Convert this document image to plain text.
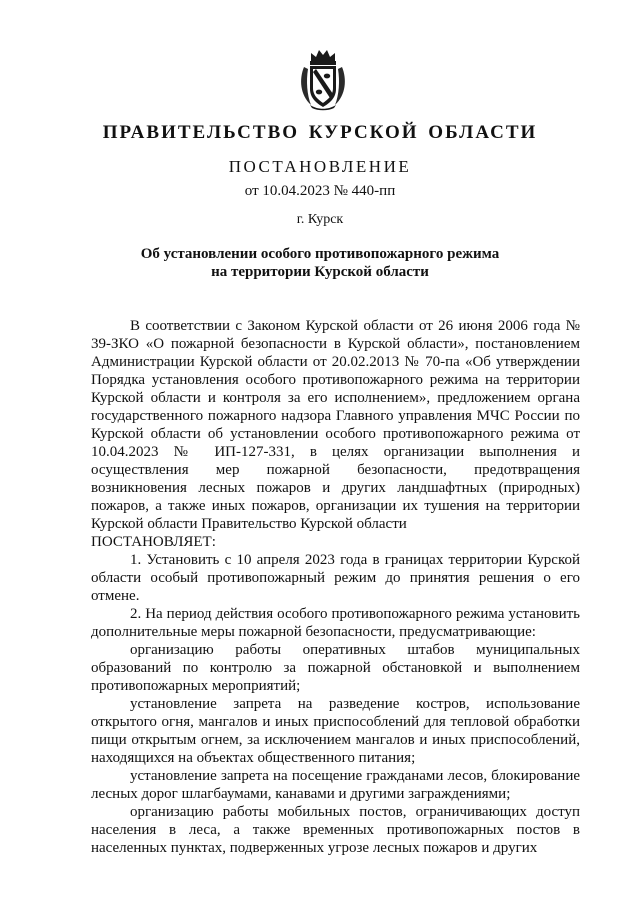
ПРАВИТЕЛЬСТВО КУРСКОЙ ОБЛАСТИ
ПОСТАНОВЛЕНИЕ
от 10.04.2023 № 440-пп
г. Курск
Об установлении особого противопожарного режима
на территории Курской области

В соответствии с Законом Курской области от 26 июня 2006 года № 39-ЗКО «О пожарной безопасности в Курской области», постановлением Администрации Курской области от 20.02.2013 № 70-па «Об утверждении Порядка установления особого противопожарного режима на территории Курской области и контроля за его исполнением», предложением органа государственного пожарного надзора Главного управления МЧС России по Курской области об установлении особого противопожарного режима от 10.04.2023 № ИП-127-331, в целях организации выполнения и осуществления мер пожарной безопасности, предотвращения возникновения лесных пожаров и других ландшафтных (природных) пожаров, а также иных пожаров, организации их тушения на территории Курской области Правительство Курской области

ПОСТАНОВЛЯЕТ:

1. Установить с 10 апреля 2023 года в границах территории Курской области особый противопожарный режим до принятия решения о его отмене.

2. На период действия особого противопожарного режима установить дополнительные меры пожарной безопасности, предусматривающие:

организацию работы оперативных штабов муниципальных образований по контролю за пожарной обстановкой и выполнением противопожарных мероприятий;

установление запрета на разведение костров, использование открытого огня, мангалов и иных приспособлений для тепловой обработки пищи открытым огнем, за исключением мангалов и иных приспособлений, находящихся на объектах общественного питания;

установление запрета на посещение гражданами лесов, блокирование лесных дорог шлагбаумами, канавами и другими заграждениями;

организацию работы мобильных постов, ограничивающих доступ населения в леса, а также временных противопожарных постов в населенных пунктах, подверженных угрозе лесных пожаров и других
